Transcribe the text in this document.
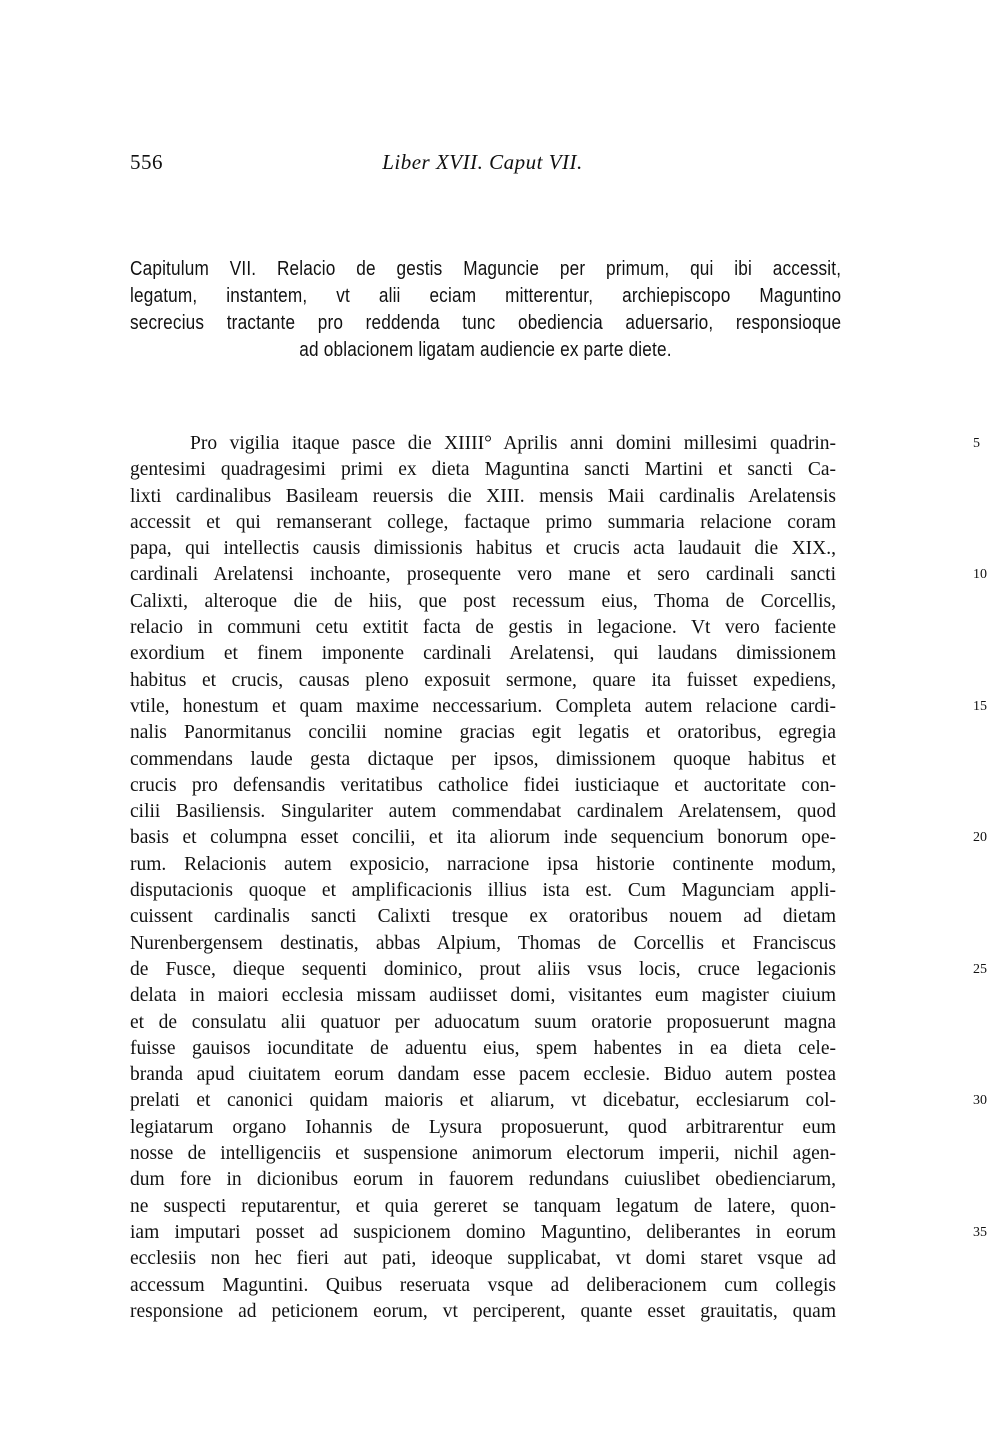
556	Liber XVII. Caput VII.
Capitulum VII. Relacio de gestis Maguncie per primum, qui ibi accessit,
legatum, instantem, vt alii eciam mitterentur, archiepiscopo Maguntino
secrecius tractante pro reddenda tunc obediencia aduersario, responsioque
ad oblacionem ligatam audiencie ex parte diete.
Pro vigilia itaque pasce die XIIII° Aprilis anni domini millesimi quadrin-	5
gentesimi quadragesimi primi ex dieta Maguntina sancti Martini et sancti Ca-
lixti cardinalibus Basileam reuersis die XIII. mensis Maii cardinalis Arelatensis
accessit et qui remanserant college, factaque primo summaria relacione coram
papa, qui intellectis causis dimissionis habitus et crucis acta laudauit die XIX.,
cardinali Arelatensi inchoante, prosequente vero mane et sero cardinali sancti	10
Calixti, alteroque die de hiis, que post recessum eius, Thoma de Corcellis,
relacio in communi cetu extitit facta de gestis in legacione. Vt vero faciente
exordium et finem imponente cardinali Arelatensi, qui laudans dimissionem
habitus et crucis, causas pleno exposuit sermone, quare ita fuisset expediens,
vtile, honestum et quam maxime neccessarium. Completa autem relacione cardi-	15
nalis Panormitanus concilii nomine gracias egit legatis et oratoribus, egregia
commendans laude gesta dictaque per ipsos, dimissionem quoque habitus et
crucis pro defensandis veritatibus catholice fidei iusticiaque et auctoritate con-
cilii Basiliensis. Singulariter autem commendabat cardinalem Arelatensem, quod
basis et columpna esset concilii, et ita aliorum inde sequencium bonorum ope-	20
rum. Relacionis autem exposicio, narracione ipsa historie continente modum,
disputacionis quoque et amplificacionis illius ista est. Cum Magunciam appli-
cuissent cardinalis sancti Calixti tresque ex oratoribus nouem ad dietam
Nurenbergensem destinatis, abbas Alpium, Thomas de Corcellis et Franciscus
de Fusce, dieque sequenti dominico, prout aliis vsus locis, cruce legacionis	25
delata in maiori ecclesia missam audiisset domi, visitantes eum magister ciuium
et de consulatu alii quatuor per aduocatum suum oratorie proposuerunt magna
fuisse gauisos iocunditate de aduentu eius, spem habentes in ea dieta cele-
branda apud ciuitatem eorum dandam esse pacem ecclesie. Biduo autem postea
prelati et canonici quidam maioris et aliarum, vt dicebatur, ecclesiarum col-	30
legiatarum organo Iohannis de Lysura proposuerunt, quod arbitrarentur eum
nosse de intelligenciis et suspensione animorum electorum imperii, nichil agen-
dum fore in dicionibus eorum in fauorem redundans cuiuslibet obedienciarum,
ne suspecti reputarentur, et quia gereret se tanquam legatum de latere, quon-
iam imputari posset ad suspicionem domino Maguntino, deliberantes in eorum	35
ecclesiis non hec fieri aut pati, ideoque supplicabat, vt domi staret vsque ad
accessum Maguntini. Quibus reseruata vsque ad deliberacionem cum collegis
responsione ad peticionem eorum, vt perciperent, quante esset grauitatis, quam
